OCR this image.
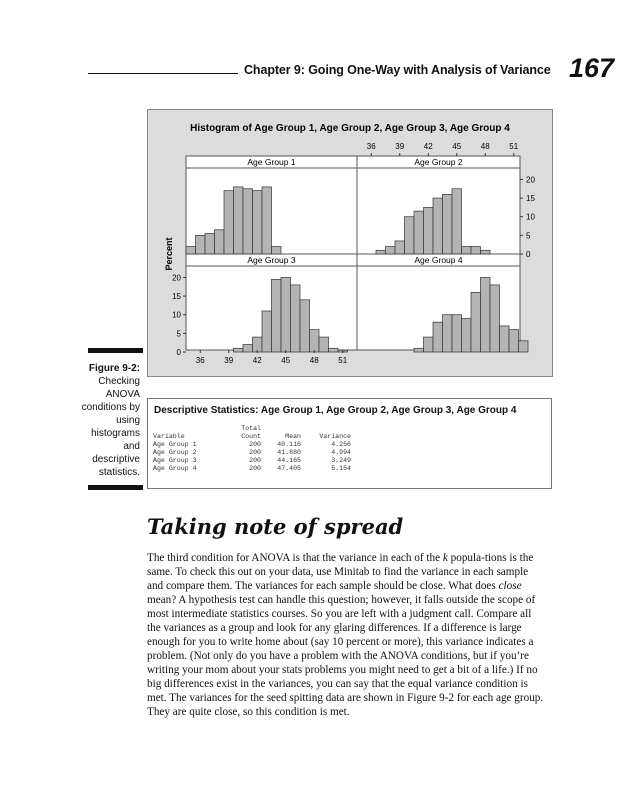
Chapter 9: Going One-Way with Analysis of Variance 167
Histogram of Age Group 1, Age Group 2, Age Group 3, Age Group 4
Age Group 1	Age Group 2
Age Group 3	Age Group 4
0
5
10
15
20
0
5
10
15
20
Percent
36
36
39
39
42
42
45
45
48
48
51
51
Figure 9-2:
Checking ANOVA conditions by using histograms and descriptive statistics.
Descriptive Statistics: Age Group 1, Age Group 2, Age Group 3, Age Group 4
	Total		
Variable	Count	Mean	Variance
Age Group 1	200	40.116	4.256
Age Group 2	200	41.880	4.994
Age Group 3	200	44.165	3.249
Age Group 4	200	47.405	5.154
Taking note of spread

The third condition for ANOVA is that the variance in each of the k popula-tions is the same. To check this out on your data, use Minitab to find the variance in each sample and compare them. The variances for each sample should be close. What does close mean? A hypothesis test can handle this question; however, it falls outside the scope of most intermediate statistics courses. So you are left with a judgment call. Compare all the variances as a group and look for any glaring differences. If a difference is large enough for you to write home about (say 10 percent or more), this variance indicates a problem. (Not only do you have a problem with the ANOVA conditions, but if you’re writing your mom about your stats problems you might need to get a bit of a life.) If no big differences exist in the variances, you can say that the equal variance condition is met. The variances for the seed spitting data are shown in Figure 9-2 for each age group. They are quite close, so this condition is met.
